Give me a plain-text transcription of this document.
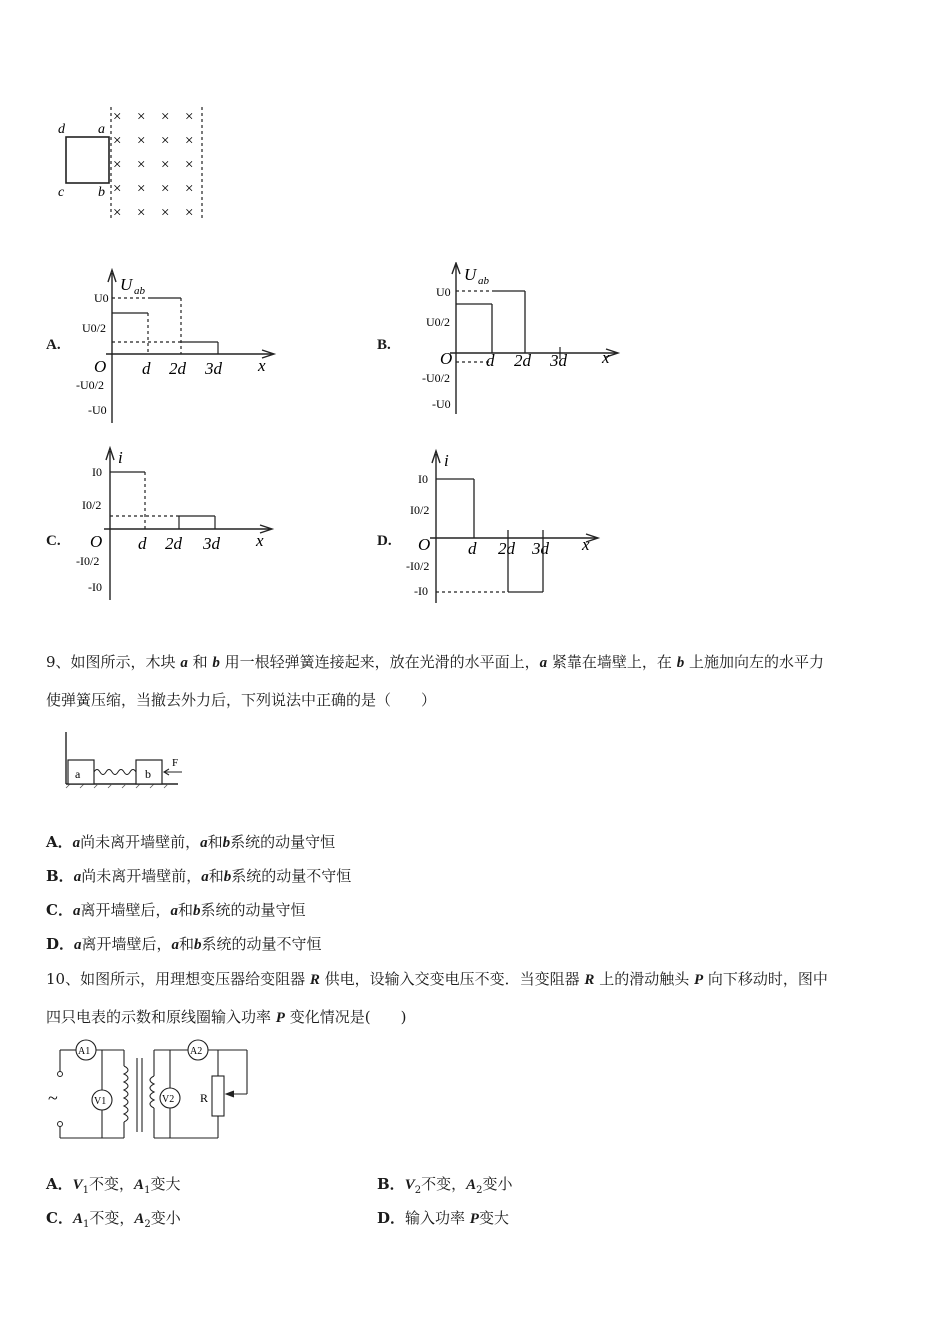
d a
c b
× × × ×
× × × ×
× × × ×
× × × ×
× × × ×
A.	B.
C.	D.
U ab
U0
U0/2
-U0/2
-U0
O d 2d 3d x
U ab
U0
U0/2
-U0/2
-U0
O d 2d 3d x
i
I0
I0/2
-I0/2
-I0
O d 2d 3d x
i
I0
I0/2
-I0/2
-I0
O d 2d 3d x
9、如图所示，木块 a 和 b 用一根轻弹簧连接起来，放在光滑的水平面上，a 紧靠在墙壁上，在 b 上施加向左的水平力
使弹簧压缩，当撤去外力后，下列说法中正确的是（　　）
a	b
F
A．a尚未离开墙壁前，a和b系统的动量守恒
B．a尚未离开墙壁前，a和b系统的动量不守恒
C．a离开墙壁后，a和b系统的动量守恒
D．a离开墙壁后，a和b系统的动量不守恒
10、如图所示，用理想变压器给变阻器 R 供电，设输入交变电压不变．当变阻器 R 上的滑动触头 P 向下移动时，图中
四只电表的示数和原线圈输入功率 P 变化情况是(　　)
~
A1
V1
A2
V2 R
A．$V_1$不变，$A_1$变大	B．$V_2$不变，$A_2$变小
C．$A_1$不变，$A_2$变小	D．输入功率 P变大
